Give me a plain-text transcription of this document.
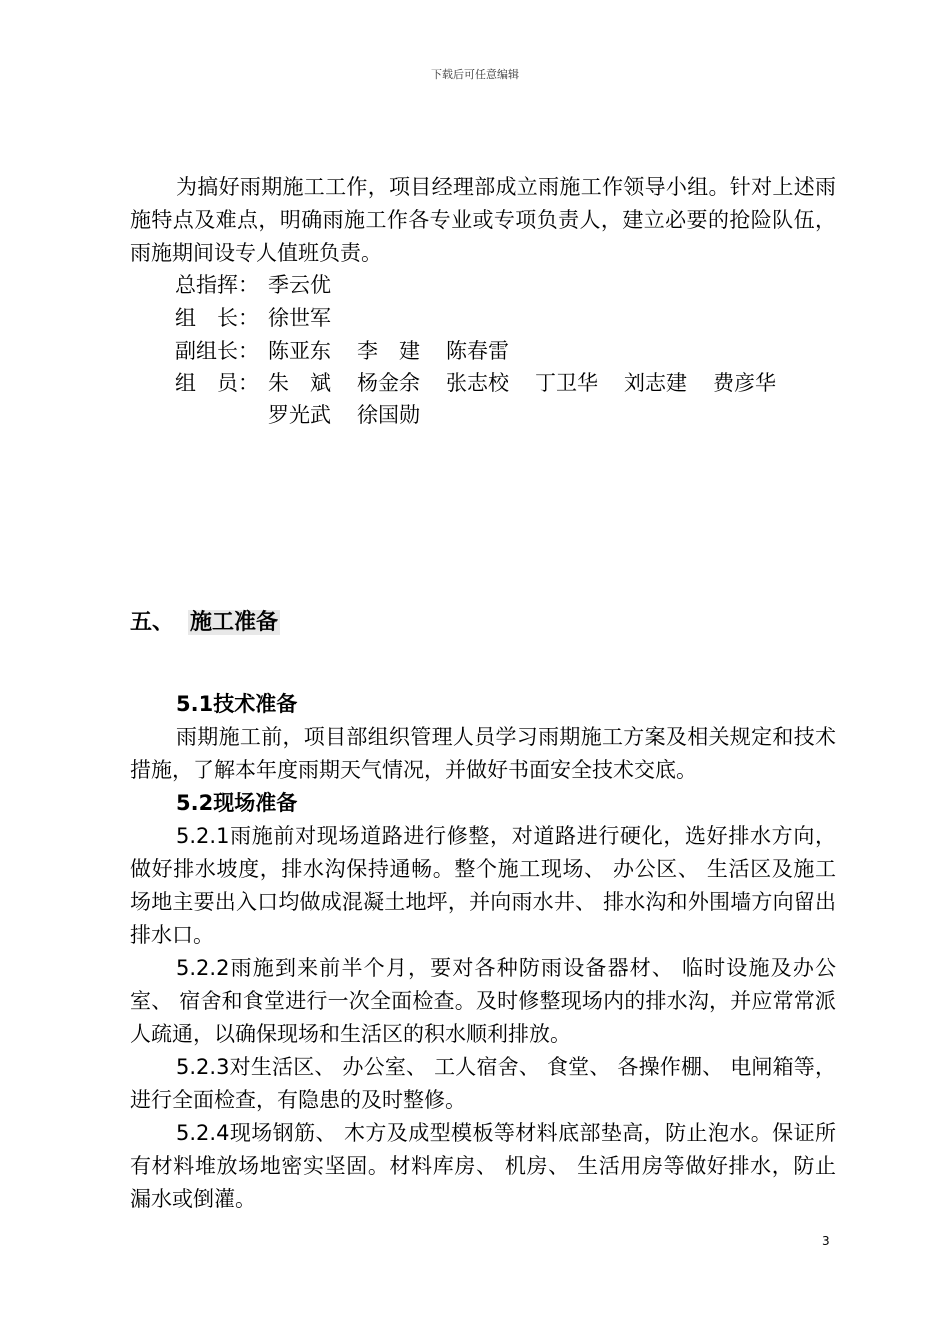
下载后可任意编辑

为搞好雨期施工工作，项目经理部成立雨施工作领导小组。针对上述雨施特点及难点，明确雨施工作各专业或专项负责人，建立必要的抢险队伍，雨施期间设专人值班负责。

总指挥： 季云优
组　长： 徐世军
副组长： 陈亚东 李　建 陈春雷
组　员： 朱　斌 杨金余 张志校 丁卫华 刘志建 费彦华
罗光武 徐国勋
五、 施工准备
5.1技术准备

雨期施工前，项目部组织管理人员学习雨期施工方案及相关规定和技术措施，了解本年度雨期天气情况，并做好书面安全技术交底。

5.2现场准备

5.2.1雨施前对现场道路进行修整，对道路进行硬化，选好排水方向，做好排水坡度，排水沟保持通畅。整个施工现场、 办公区、 生活区及施工场地主要出入口均做成混凝土地坪，并向雨水井、 排水沟和外围墙方向留出排水口。

5.2.2雨施到来前半个月，要对各种防雨设备器材、 临时设施及办公室、 宿舍和食堂进行一次全面检查。及时修整现场内的排水沟，并应常常派人疏通，以确保现场和生活区的积水顺利排放。

5.2.3对生活区、 办公室、 工人宿舍、 食堂、 各操作棚、 电闸箱等，进行全面检查，有隐患的及时整修。

5.2.4现场钢筋、 木方及成型模板等材料底部垫高，防止泡水。保证所有材料堆放场地密实坚固。材料库房、 机房、 生活用房等做好排水，防止漏水或倒灌。

3
